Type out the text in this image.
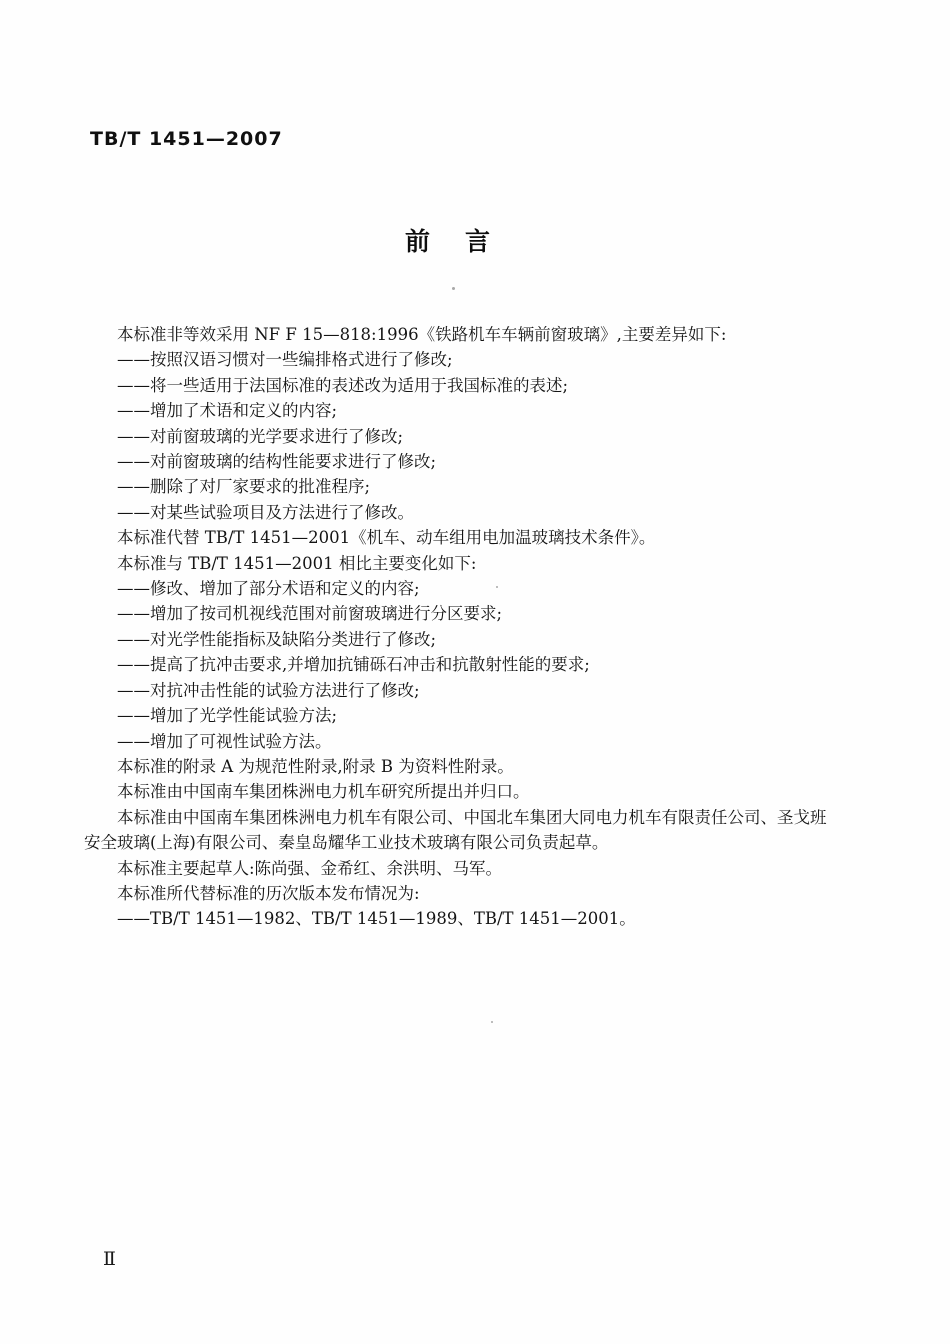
TB/T 1451—2007
前　言

本标准非等效采用 NF F 15—818:1996《铁路机车车辆前窗玻璃》,主要差异如下:

——按照汉语习惯对一些编排格式进行了修改;

——将一些适用于法国标准的表述改为适用于我国标准的表述;

——增加了术语和定义的内容;

——对前窗玻璃的光学要求进行了修改;

——对前窗玻璃的结构性能要求进行了修改;

——删除了对厂家要求的批准程序;

——对某些试验项目及方法进行了修改。

本标准代替 TB/T 1451—2001《机车、动车组用电加温玻璃技术条件》。

本标准与 TB/T 1451—2001 相比主要变化如下:

——修改、增加了部分术语和定义的内容;

——增加了按司机视线范围对前窗玻璃进行分区要求;

——对光学性能指标及缺陷分类进行了修改;

——提高了抗冲击要求,并增加抗铺砾石冲击和抗散射性能的要求;

——对抗冲击性能的试验方法进行了修改;

——增加了光学性能试验方法;

——增加了可视性试验方法。

本标准的附录 A 为规范性附录,附录 B 为资料性附录。

本标准由中国南车集团株洲电力机车研究所提出并归口。

本标准由中国南车集团株洲电力机车有限公司、中国北车集团大同电力机车有限责任公司、圣戈班

安全玻璃(上海)有限公司、秦皇岛耀华工业技术玻璃有限公司负责起草。

本标准主要起草人:陈尚强、金希红、余洪明、马军。

本标准所代替标准的历次版本发布情况为:

——TB/T 1451—1982、TB/T 1451—1989、TB/T 1451—2001。

Ⅱ
